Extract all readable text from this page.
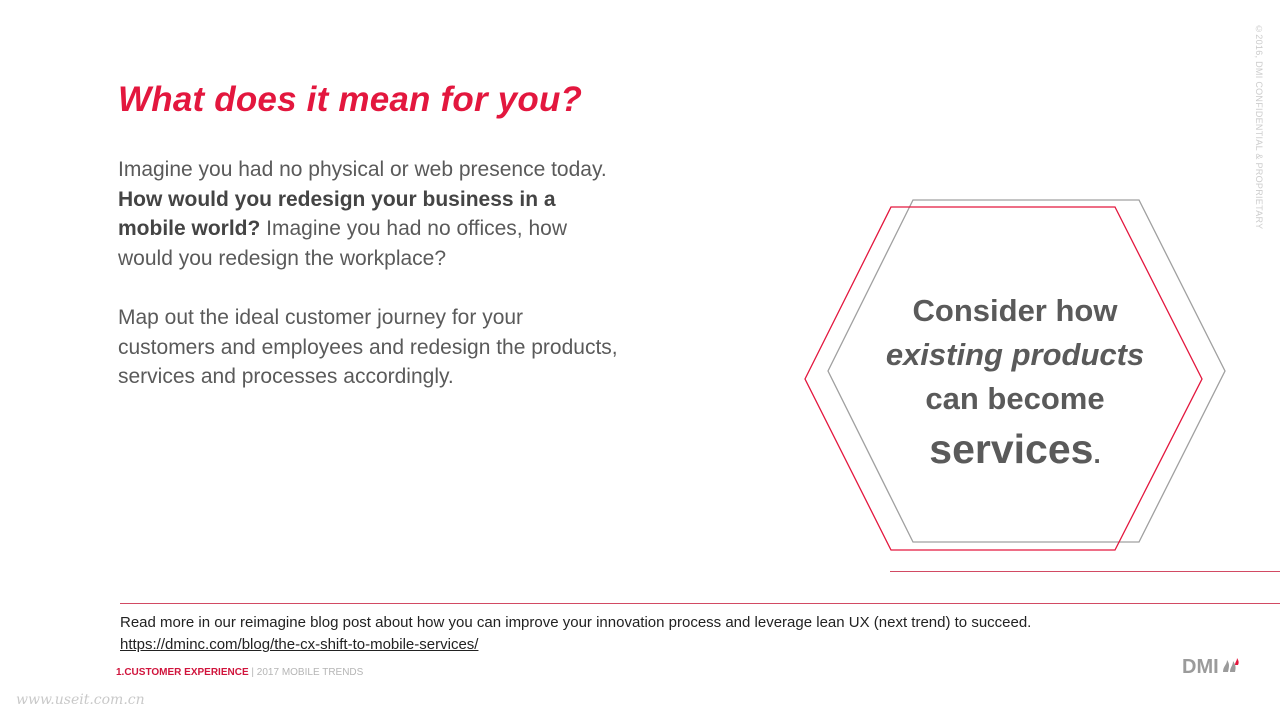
What does it mean for you?

Imagine you had no physical or web presence today. How would you redesign your business in a mobile world? Imagine you had no offices, how would you redesign the workplace?

Map out the ideal customer journey for your customers and employees and redesign the products, services and processes accordingly.

Consider how
existing products
can become
services.
Read more in our reimagine blog post about how you can improve your innovation process and leverage lean UX (next trend) to succeed.
https://dminc.com/blog/the-cx-shift-to-mobile-services/
1.CUSTOMER EXPERIENCE | 2017 MOBILE TRENDS	DMI
©2016, DMI CONFIDENTIAL & PROPRIETARY
www.useit.com.cn
